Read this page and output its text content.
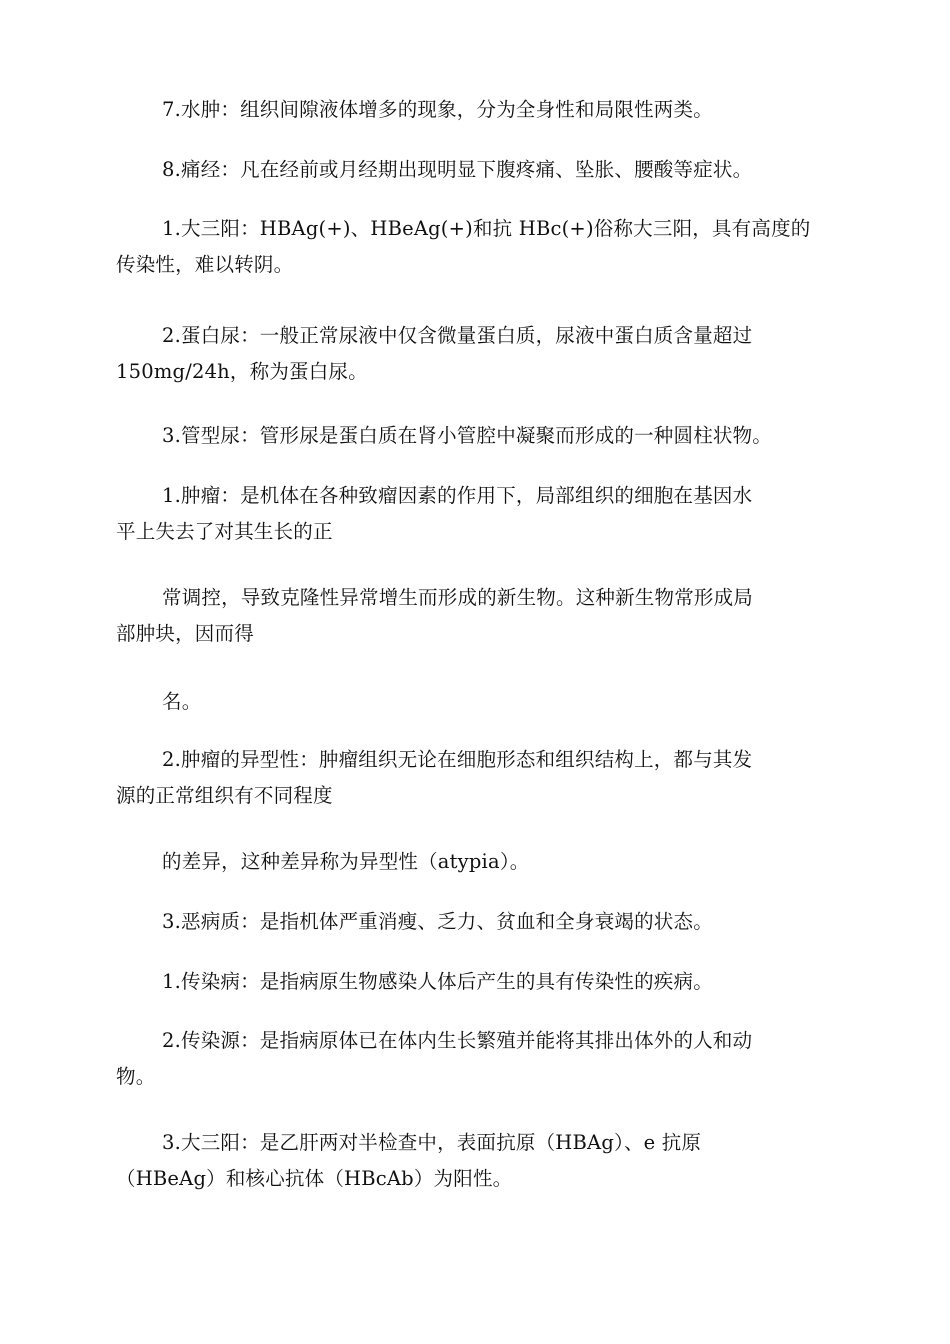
7.水肿：组织间隙液体增多的现象，分为全身性和局限性两类。
8.痛经：凡在经前或月经期出现明显下腹疼痛、坠胀、腰酸等症状。
1.大三阳：HBAg(+)、HBeAg(+)和抗 HBc(+)俗称大三阳，具有高度的
传染性，难以转阴。
2.蛋白尿：一般正常尿液中仅含微量蛋白质，尿液中蛋白质含量超过
150mg/24h，称为蛋白尿。
3.管型尿：管形尿是蛋白质在肾小管腔中凝聚而形成的一种圆柱状物。
1.肿瘤：是机体在各种致瘤因素的作用下，局部组织的细胞在基因水
平上失去了对其生长的正
常调控，导致克隆性异常增生而形成的新生物。这种新生物常形成局
部肿块，因而得
名。
2.肿瘤的异型性：肿瘤组织无论在细胞形态和组织结构上，都与其发
源的正常组织有不同程度
的差异，这种差异称为异型性（atypia）。
3.恶病质：是指机体严重消瘦、乏力、贫血和全身衰竭的状态。
1.传染病：是指病原生物感染人体后产生的具有传染性的疾病。
2.传染源：是指病原体已在体内生长繁殖并能将其排出体外的人和动
物。
3.大三阳：是乙肝两对半检查中，表面抗原（HBAg）、e 抗原
（HBeAg）和核心抗体（HBcAb）为阳性。
